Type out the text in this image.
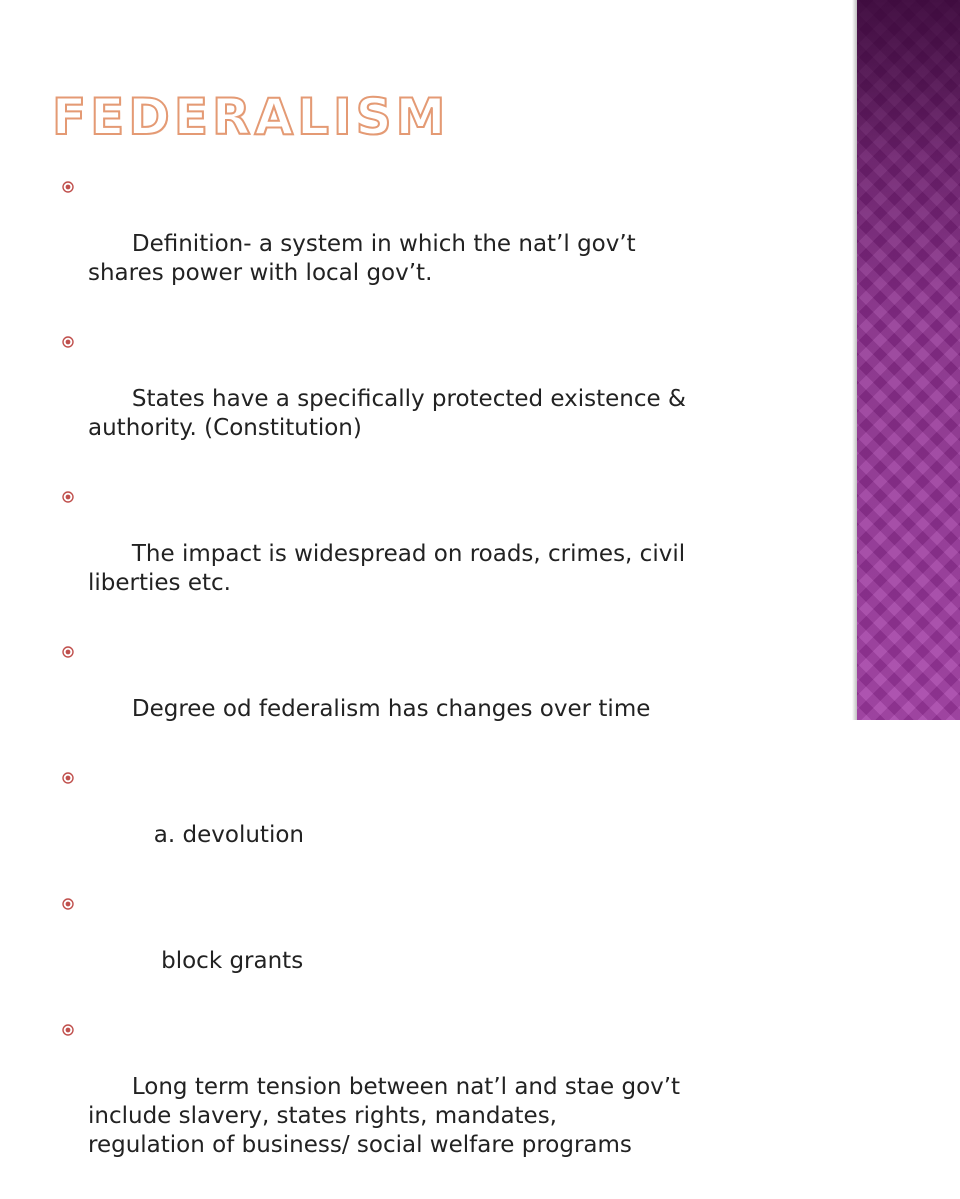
FEDERALISM

Definition- a system in which the nat’l gov’t
shares power with local gov’t.

States have a specifically protected existence &
authority. (Constitution)

The impact is widespread on roads, crimes, civil
liberties etc.

Degree od federalism has changes over time

a. devolution

block grants

Long term tension between nat’l and stae gov’t
include slavery, states rights, mandates,
regulation of business/ social welfare programs
